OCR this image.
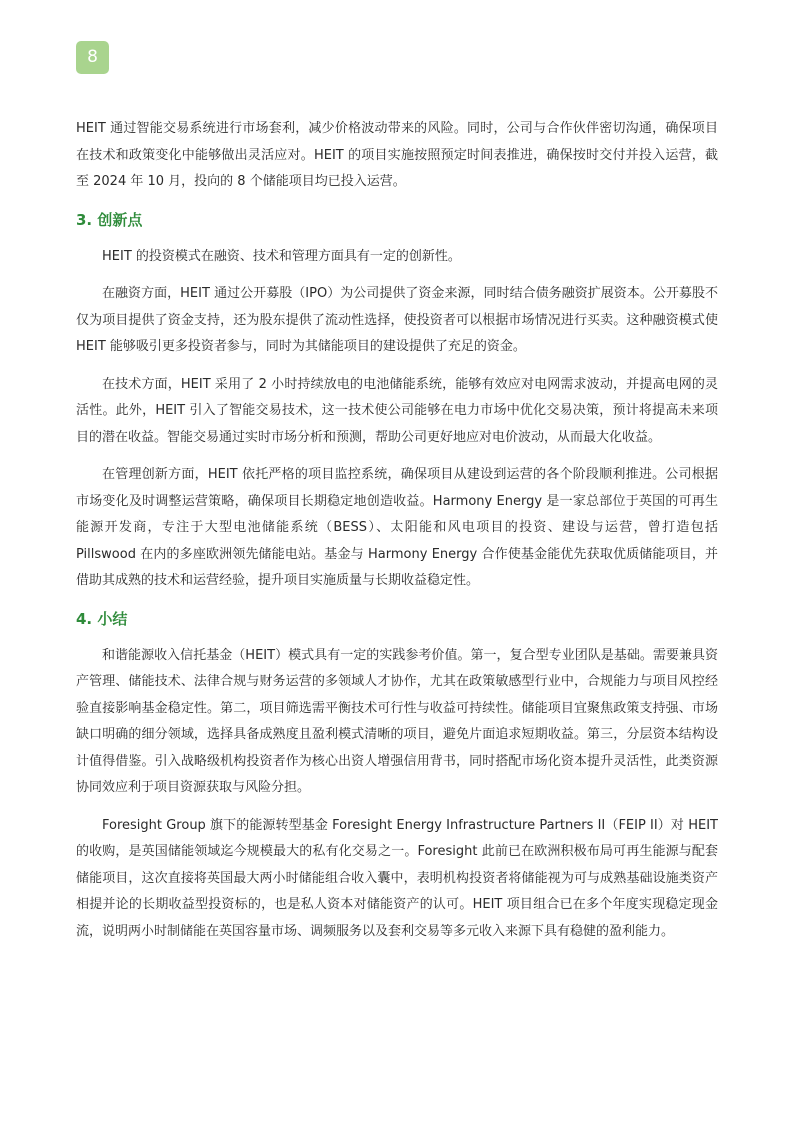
8

HEIT 通过智能交易系统进行市场套利，减少价格波动带来的风险。同时，公司与合作伙伴密切沟通，确保项目在技术和政策变化中能够做出灵活应对。HEIT 的项目实施按照预定时间表推进，确保按时交付并投入运营，截至 2024 年 10 月，投向的 8 个储能项目均已投入运营。

3. 创新点

HEIT 的投资模式在融资、技术和管理方面具有一定的创新性。

在融资方面，HEIT 通过公开募股（IPO）为公司提供了资金来源，同时结合债务融资扩展资本。公开募股不仅为项目提供了资金支持，还为股东提供了流动性选择，使投资者可以根据市场情况进行买卖。这种融资模式使 HEIT 能够吸引更多投资者参与，同时为其储能项目的建设提供了充足的资金。

在技术方面，HEIT 采用了 2 小时持续放电的电池储能系统，能够有效应对电网需求波动，并提高电网的灵活性。此外，HEIT 引入了智能交易技术，这一技术使公司能够在电力市场中优化交易决策，预计将提高未来项目的潜在收益。智能交易通过实时市场分析和预测，帮助公司更好地应对电价波动，从而最大化收益。

在管理创新方面，HEIT 依托严格的项目监控系统，确保项目从建设到运营的各个阶段顺利推进。公司根据市场变化及时调整运营策略，确保项目长期稳定地创造收益。Harmony Energy 是一家总部位于英国的可再生能源开发商，专注于大型电池储能系统（BESS）、太阳能和风电项目的投资、建设与运营，曾打造包括 Pillswood 在内的多座欧洲领先储能电站。基金与 Harmony Energy 合作使基金能优先获取优质储能项目，并借助其成熟的技术和运营经验，提升项目实施质量与长期收益稳定性。

4. 小结

和谐能源收入信托基金（HEIT）模式具有一定的实践参考价值。第一，复合型专业团队是基础。需要兼具资产管理、储能技术、法律合规与财务运营的多领域人才协作，尤其在政策敏感型行业中，合规能力与项目风控经验直接影响基金稳定性。第二，项目筛选需平衡技术可行性与收益可持续性。储能项目宜聚焦政策支持强、市场缺口明确的细分领域，选择具备成熟度且盈利模式清晰的项目，避免片面追求短期收益。第三，分层资本结构设计值得借鉴。引入战略级机构投资者作为核心出资人增强信用背书，同时搭配市场化资本提升灵活性，此类资源协同效应利于项目资源获取与风险分担。

Foresight Group 旗下的能源转型基金 Foresight Energy Infrastructure Partners II（FEIP II）对 HEIT 的收购，是英国储能领域迄今规模最大的私有化交易之一。Foresight 此前已在欧洲积极布局可再生能源与配套储能项目，这次直接将英国最大两小时储能组合收入囊中，表明机构投资者将储能视为可与成熟基础设施类资产相提并论的长期收益型投资标的，也是私人资本对储能资产的认可。HEIT 项目组合已在多个年度实现稳定现金流，说明两小时制储能在英国容量市场、调频服务以及套利交易等多元收入来源下具有稳健的盈利能力。
